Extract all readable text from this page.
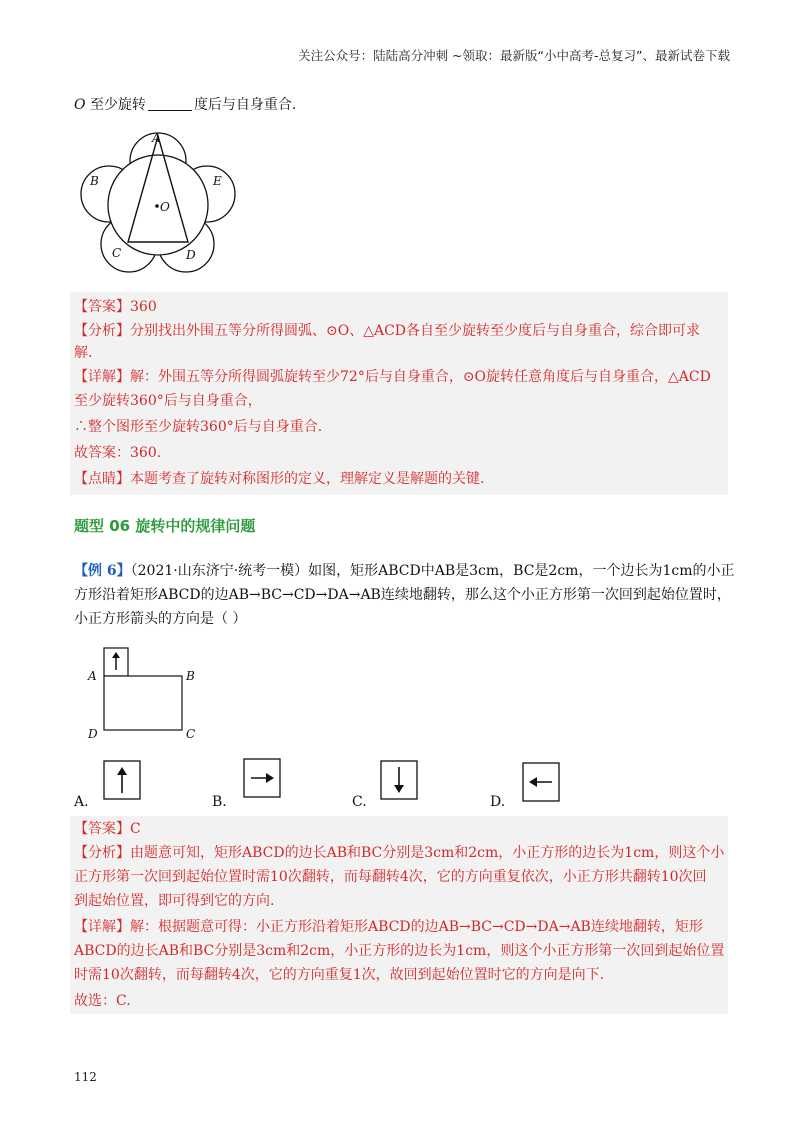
关注公众号：陆陆高分冲刺 ~领取：最新版“小中高考-总复习”、最新试卷下载
O 至少旋转	度后与自身重合.
A
B	E
O
C	D
【答案】360
【分析】分别找出外围五等分所得圆弧、⊙O、△ACD各自至少旋转至少度后与自身重合，综合即可求
解.
【详解】解：外围五等分所得圆弧旋转至少72°后与自身重合，⊙O旋转任意角度后与自身重合，△ACD
至少旋转360°后与自身重合，
∴整个图形至少旋转360°后与自身重合.
故答案：360.
【点睛】本题考查了旋转对称图形的定义，理解定义是解题的关键.
题型 06 旋转中的规律问题
【例 6】（2021·山东济宁·统考一模）如图，矩形ABCD中AB是3cm，BC是2cm，一个边长为1cm的小正
方形沿着矩形ABCD的边AB→BC→CD→DA→AB连续地翻转，那么这个小正方形第一次回到起始位置时，
小正方形箭头的方向是（ ）
A	B
D	C
A.	B.	C.	D.
【答案】C
【分析】由题意可知，矩形ABCD的边长AB和BC分别是3cm和2cm，小正方形的边长为1cm，则这个小
正方形第一次回到起始位置时需10次翻转，而每翻转4次，它的方向重复依次，小正方形共翻转10次回
到起始位置，即可得到它的方向.
【详解】解：根据题意可得：小正方形沿着矩形ABCD的边AB→BC→CD→DA→AB连续地翻转，矩形
ABCD的边长AB和BC分别是3cm和2cm，小正方形的边长为1cm，则这个小正方形第一次回到起始位置
时需10次翻转，而每翻转4次，它的方向重复1次，故回到起始位置时它的方向是向下.
故选：C.
112
